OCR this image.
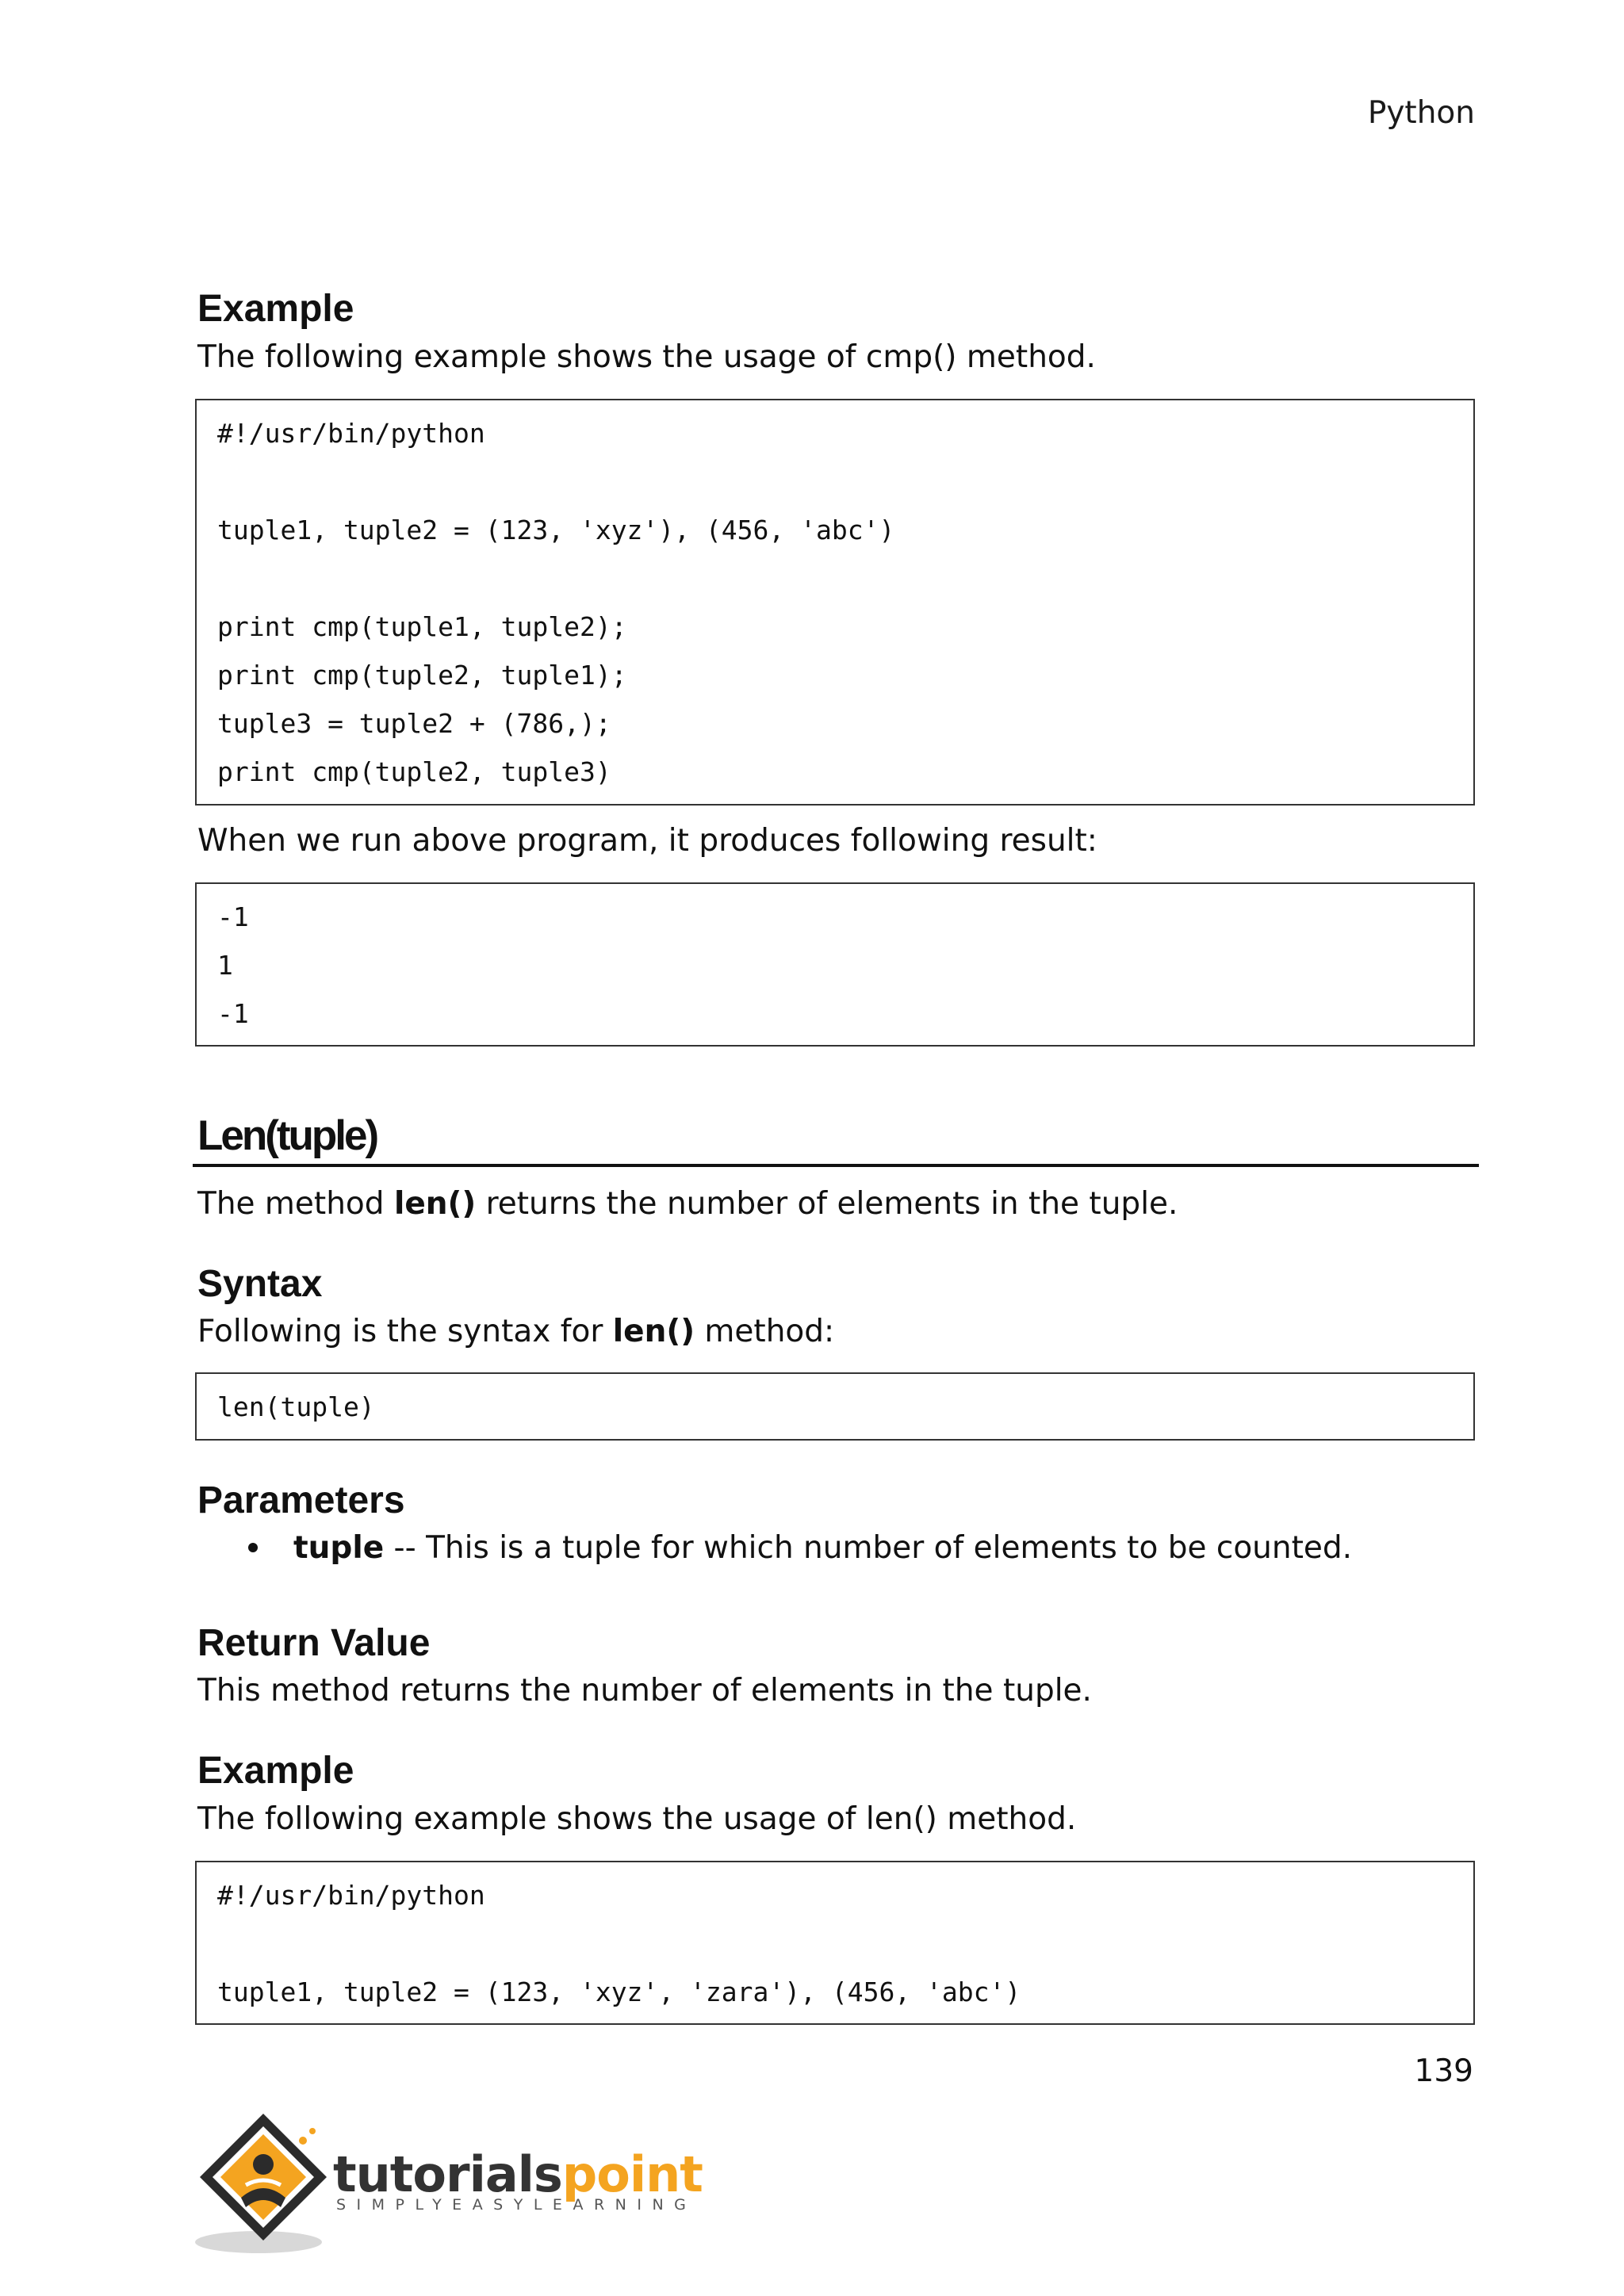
Python
Example

The following example shows the usage of cmp() method.

#!/usr/bin/python
tuple1, tuple2 = (123, 'xyz'), (456, 'abc')
print cmp(tuple1, tuple2);
print cmp(tuple2, tuple1);
tuple3 = tuple2 + (786,);
print cmp(tuple2, tuple3)

When we run above program, it produces following result:

-1
1
-1
Len(tuple)

The method len() returns the number of elements in the tuple.

Syntax

Following is the syntax for len() method:

len(tuple)
Parameters
tuple -- This is a tuple for which number of elements to be counted.
Return Value

This method returns the number of elements in the tuple.

Example

The following example shows the usage of len() method.

#!/usr/bin/python
tuple1, tuple2 = (123, 'xyz', 'zara'), (456, 'abc')
139
tutorialspoint
SIMPLYEASYLEARNING
